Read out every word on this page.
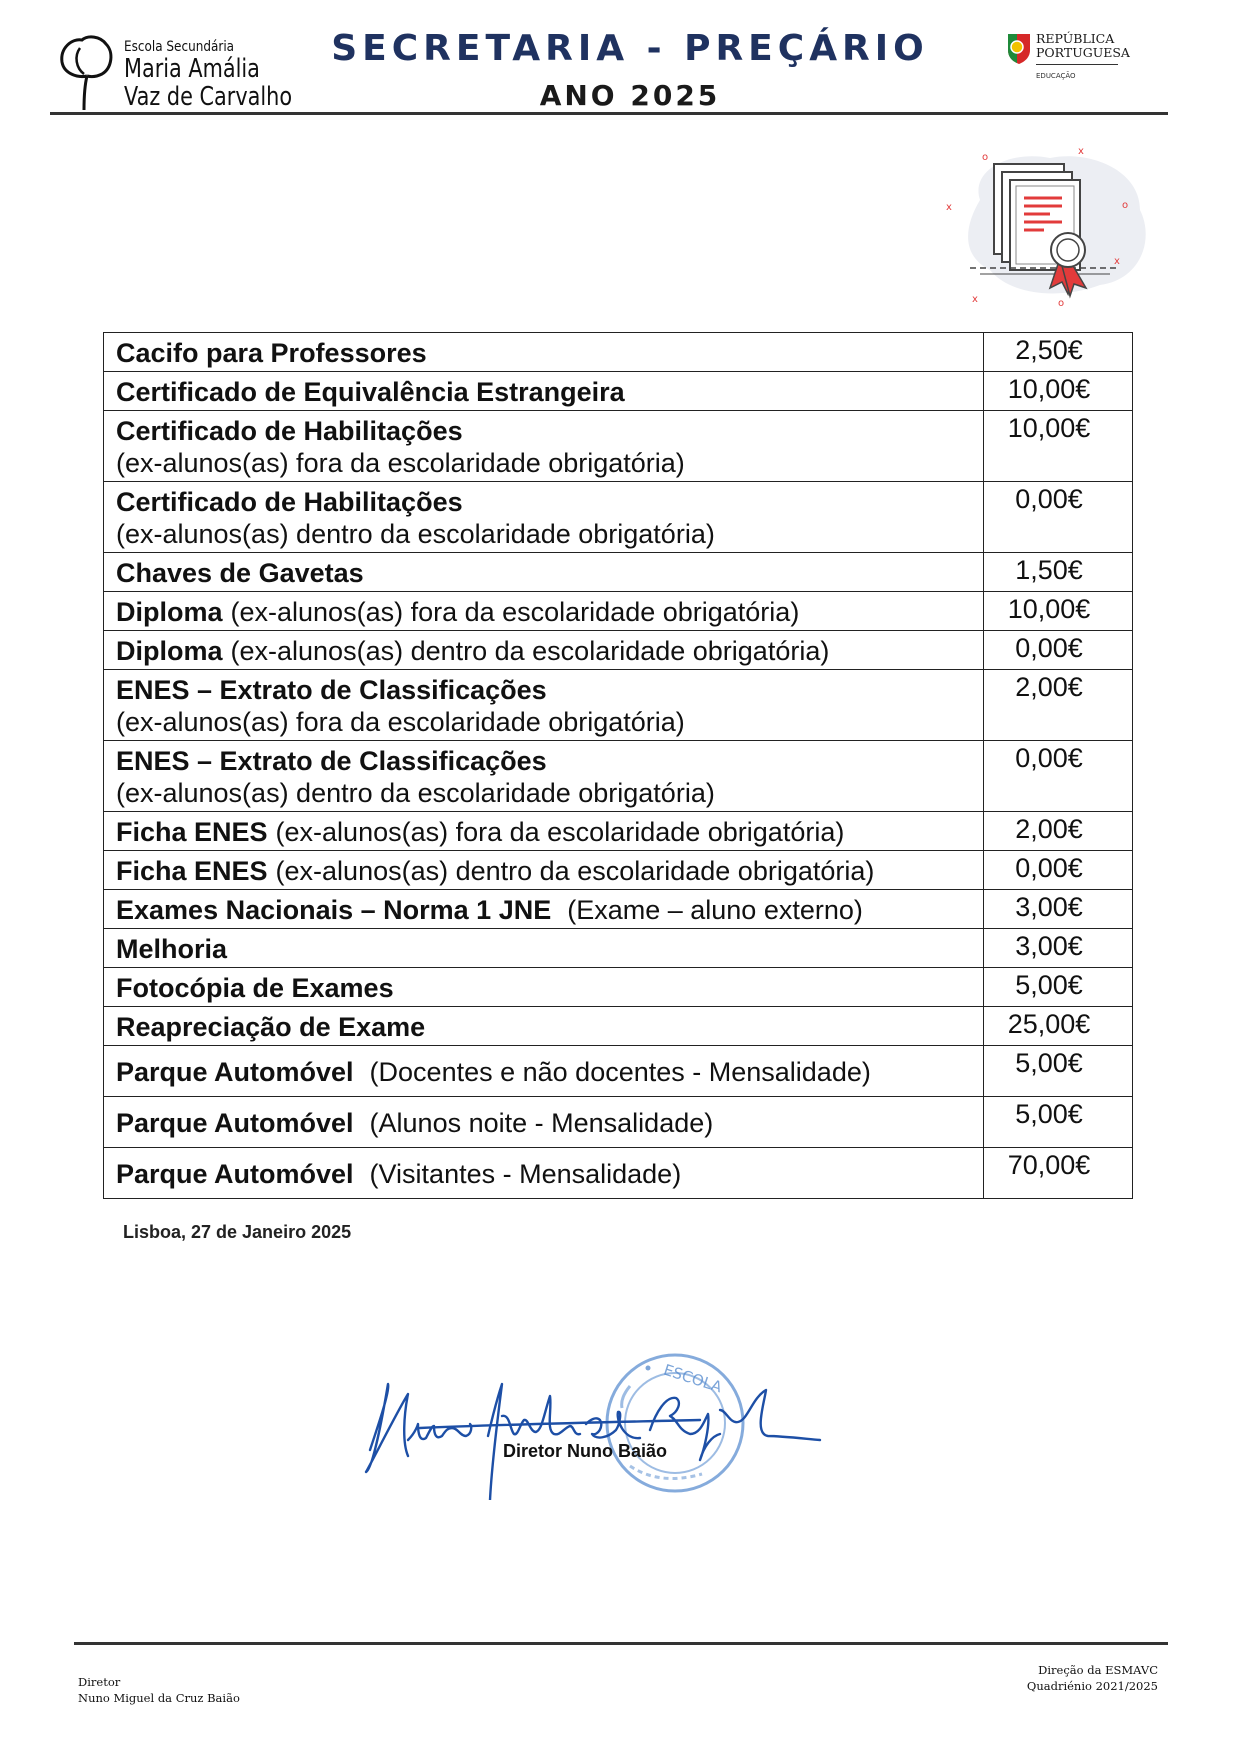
Escola Secundária
Maria Amália
Vaz de Carvalho
SECRETARIA - PREÇÁRIO
ANO 2025
REPÚBLICA
PORTUGUESA
EDUCAÇÃO
o
x
x	o
x
x	o
Cacifo para Professores	2,50€
Certificado de Equivalência Estrangeira	10,00€
Certificado de Habilitações
(ex-alunos(as) fora da escolaridade obrigatória)	10,00€
Certificado de Habilitações
(ex-alunos(as) dentro da escolaridade obrigatória)	0,00€
Chaves de Gavetas	1,50€
Diploma (ex-alunos(as) fora da escolaridade obrigatória)	10,00€
Diploma (ex-alunos(as) dentro da escolaridade obrigatória)	0,00€
ENES – Extrato de Classificações
(ex-alunos(as) fora da escolaridade obrigatória)	2,00€
ENES – Extrato de Classificações
(ex-alunos(as) dentro da escolaridade obrigatória)	0,00€
Ficha ENES (ex-alunos(as) fora da escolaridade obrigatória)	2,00€
Ficha ENES (ex-alunos(as) dentro da escolaridade obrigatória)	0,00€
Exames Nacionais – Norma 1 JNE (Exame – aluno externo)	3,00€
Melhoria	3,00€
Fotocópia de Exames	5,00€
Reapreciação de Exame	25,00€
Parque Automóvel (Docentes e não docentes - Mensalidade)	5,00€
Parque Automóvel (Alunos noite - Mensalidade)	5,00€
Parque Automóvel (Visitantes - Mensalidade)	70,00€
Lisboa, 27 de Janeiro 2025
ESCOLA
Diretor Nuno Baião
Diretor
Nuno Miguel da Cruz Baião
Direção da ESMAVC
Quadriénio 2021/2025
